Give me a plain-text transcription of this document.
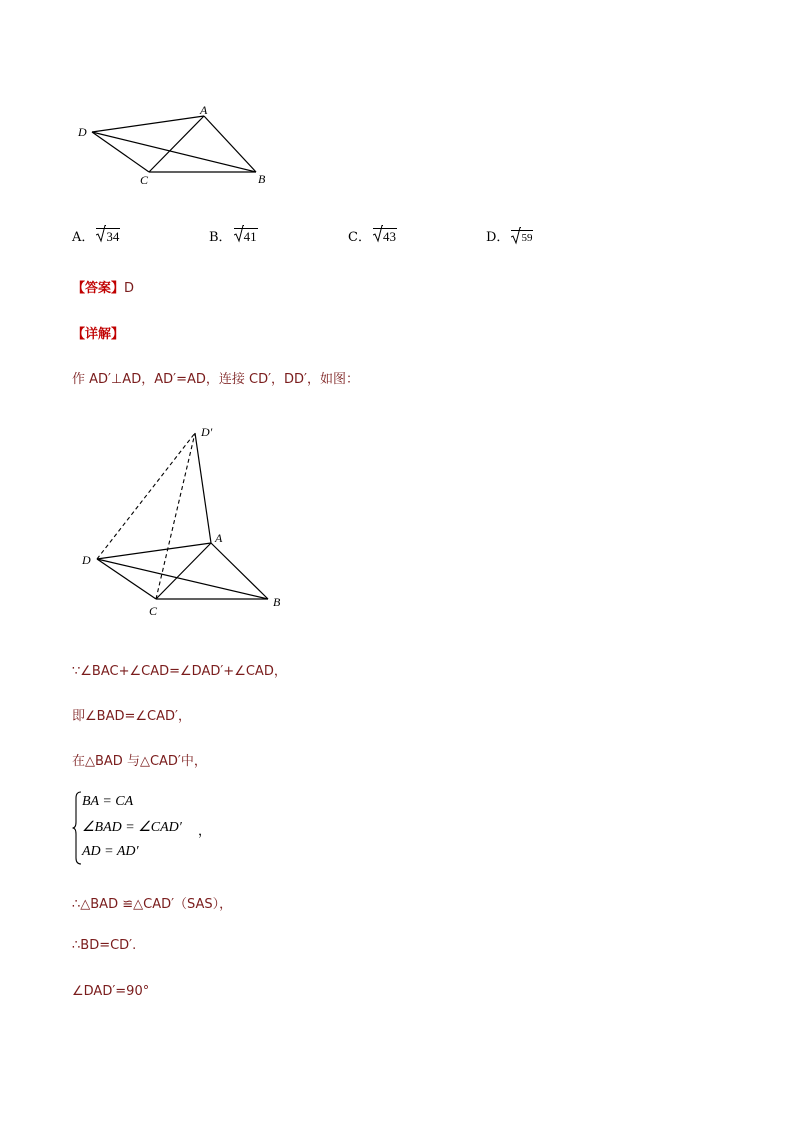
A
D
C	B
A． 34	B． 41	C． 43	D． 59
【答案】D
【详解】
作 AD′⊥AD，AD′=AD，连接 CD′，DD′，如图：
D′
A
D
C
B
∵∠BAC+∠CAD=∠DAD′+∠CAD，
即∠BAD=∠CAD′，
在△BAD 与△CAD′中，
BA = CA
∠BAD = ∠CAD′
AD = AD′
，
∴△BAD ≌△CAD′（SAS），
∴BD=CD′.
∠DAD′=90°
